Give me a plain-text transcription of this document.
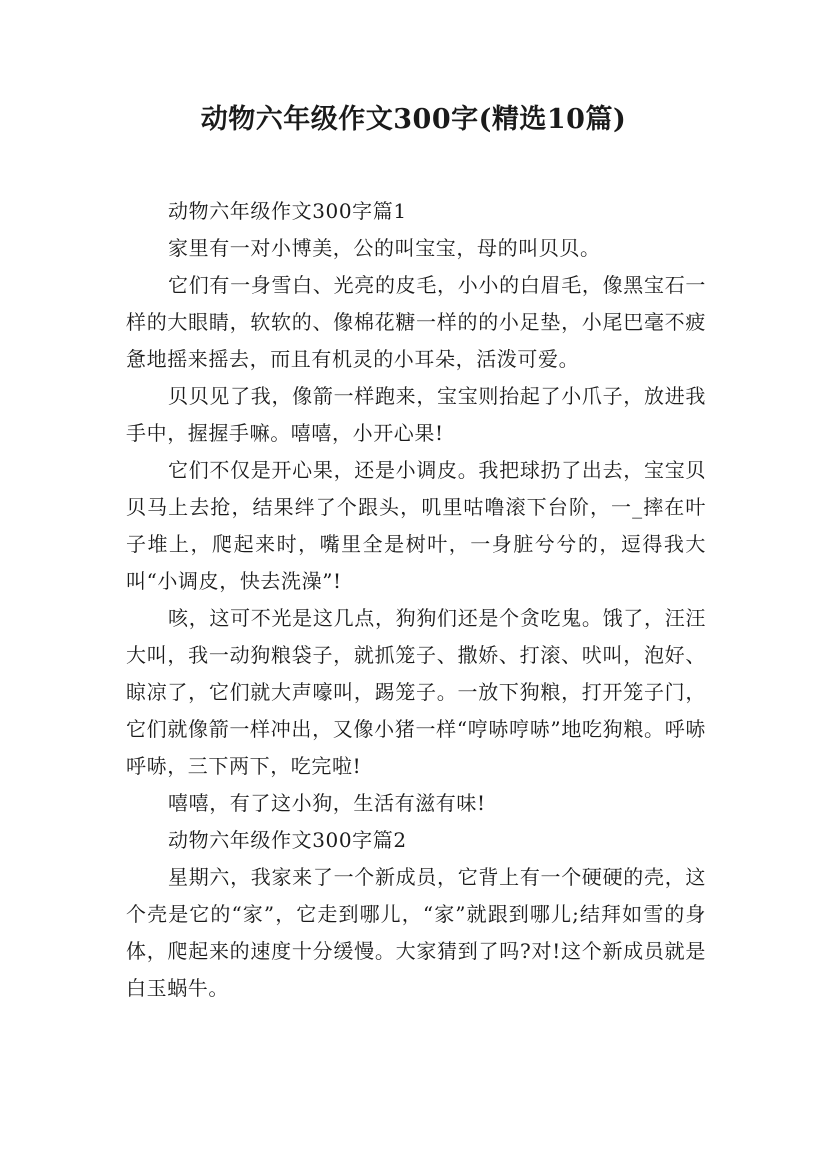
动物六年级作文300字(精选10篇)

动物六年级作文300字篇1

家里有一对小博美，公的叫宝宝，母的叫贝贝。

它们有一身雪白、光亮的皮毛，小小的白眉毛，像黑宝石一样的大眼睛，软软的、像棉花糖一样的的小足垫，小尾巴毫不疲惫地摇来摇去，而且有机灵的小耳朵，活泼可爱。

贝贝见了我，像箭一样跑来，宝宝则抬起了小爪子，放进我手中，握握手嘛。嘻嘻，小开心果!

它们不仅是开心果，还是小调皮。我把球扔了出去，宝宝贝贝马上去抢，结果绊了个跟头，叽里咕噜滚下台阶，一_摔在叶子堆上，爬起来时，嘴里全是树叶，一身脏兮兮的，逗得我大叫“小调皮，快去洗澡”!

咳，这可不光是这几点，狗狗们还是个贪吃鬼。饿了，汪汪大叫，我一动狗粮袋子，就抓笼子、撒娇、打滚、吠叫，泡好、晾凉了，它们就大声嚎叫，踢笼子。一放下狗粮，打开笼子门，它们就像箭一样冲出，又像小猪一样“哼哧哼哧”地吃狗粮。呼哧呼哧，三下两下，吃完啦!

嘻嘻，有了这小狗，生活有滋有味!

动物六年级作文300字篇2

星期六，我家来了一个新成员，它背上有一个硬硬的壳，这个壳是它的“家”，它走到哪儿，“家”就跟到哪儿;结拜如雪的身体，爬起来的速度十分缓慢。大家猜到了吗?对!这个新成员就是白玉蜗牛。
